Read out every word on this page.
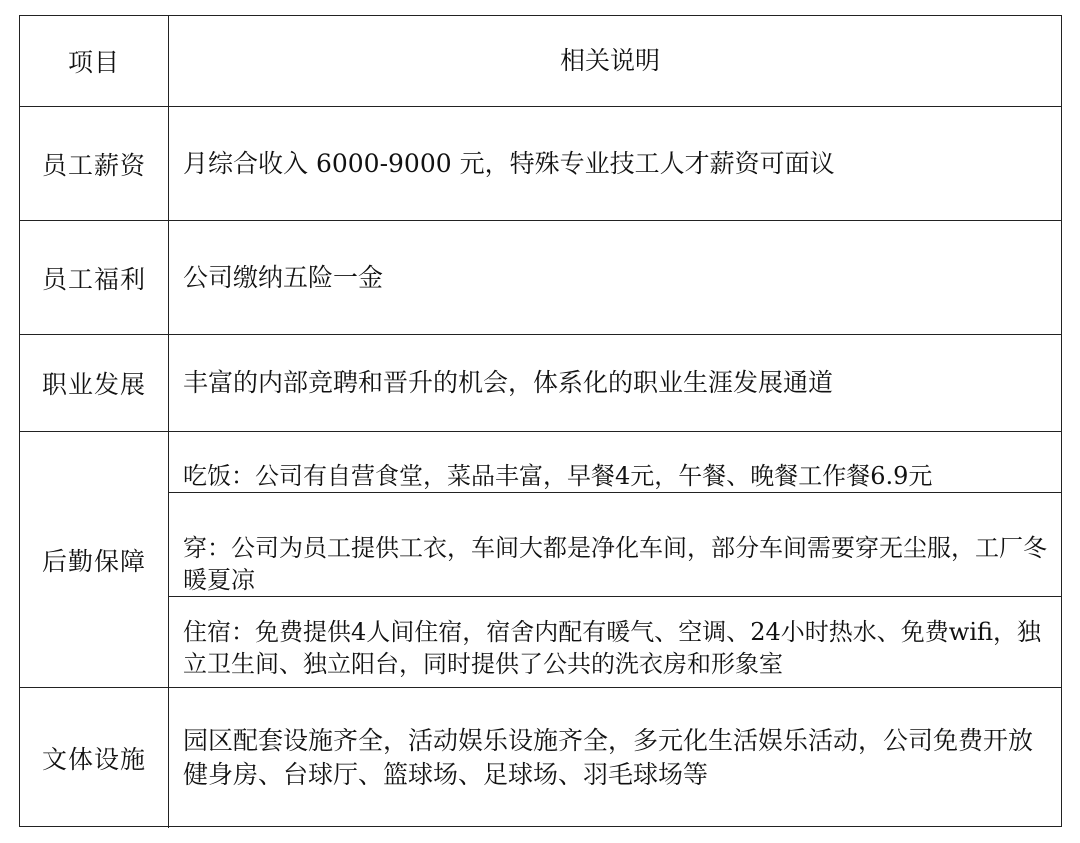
项目	相关说明
员工薪资 月综合收入 6000-9000 元，特殊专业技工人才薪资可面议
员工福利 公司缴纳五险一金
职业发展 丰富的内部竞聘和晋升的机会，体系化的职业生涯发展通道
后勤保障
吃饭：公司有自营食堂，菜品丰富，早餐4元，午餐、晚餐工作餐6.9元
穿：公司为员工提供工衣，车间大都是净化车间，部分车间需要穿无尘服，工厂冬暖夏凉
住宿：免费提供4人间住宿，宿舍内配有暖气、空调、24小时热水、免费wifi，独立卫生间、独立阳台，同时提供了公共的洗衣房和形象室
文体设施
园区配套设施齐全，活动娱乐设施齐全，多元化生活娱乐活动，公司免费开放健身房、台球厅、篮球场、足球场、羽毛球场等
